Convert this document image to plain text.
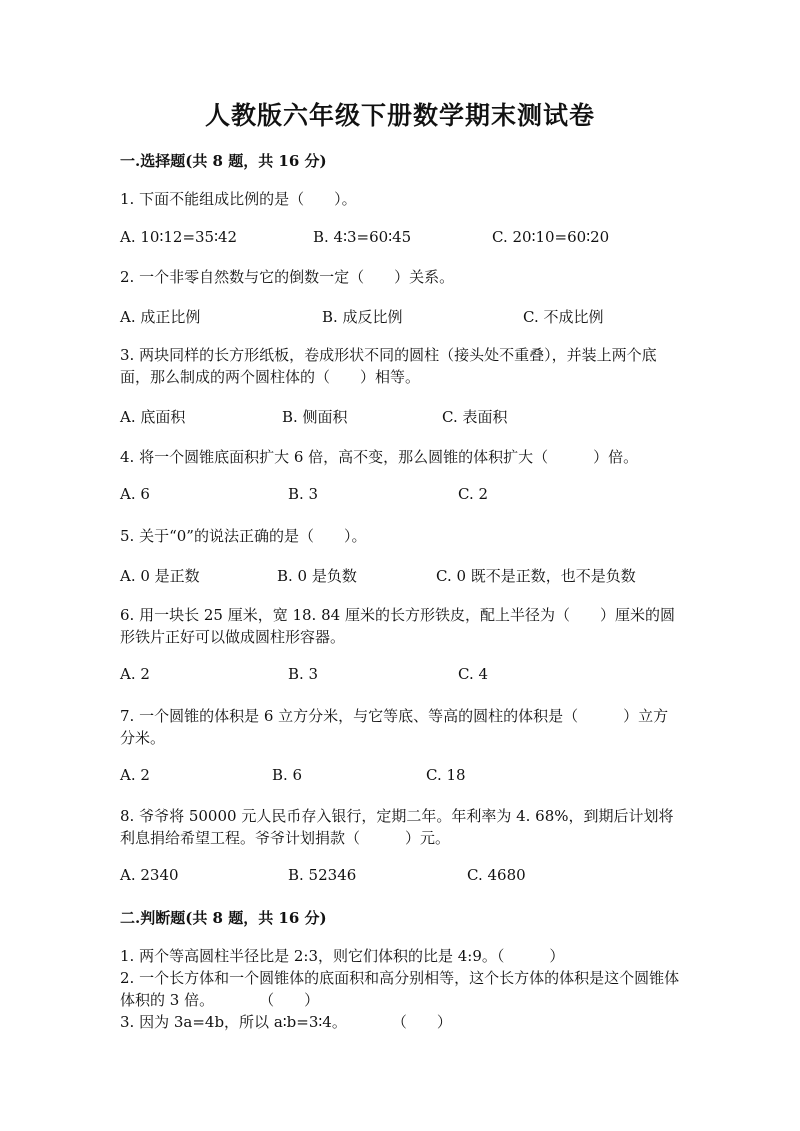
人教版六年级下册数学期末测试卷
一.选择题(共 8 题，共 16 分)
1. 下面不能组成比例的是（　　）。
A. 10∶12=35∶42	B. 4∶3=60∶45	C. 20∶10=60∶20
2. 一个非零自然数与它的倒数一定（　　）关系。
A. 成正比例	B. 成反比例	C. 不成比例
3. 两块同样的长方形纸板，卷成形状不同的圆柱（接头处不重叠），并装上两个底面，那么制成的两个圆柱体的（　　）相等。
A. 底面积	B. 侧面积	C. 表面积
4. 将一个圆锥底面积扩大 6 倍，高不变，那么圆锥的体积扩大（　　　）倍。
A. 6	B. 3	C. 2
5. 关于“0”的说法正确的是（　　）。
A. 0 是正数	B. 0 是负数	C. 0 既不是正数，也不是负数
6. 用一块长 25 厘米，宽 18. 84 厘米的长方形铁皮，配上半径为（　　）厘米的圆形铁片正好可以做成圆柱形容器。
A. 2	B. 3	C. 4
7. 一个圆锥的体积是 6 立方分米，与它等底、等高的圆柱的体积是（　　　）立方分米。
A. 2	B. 6	C. 18
8. 爷爷将 50000 元人民币存入银行，定期二年。年利率为 4. 68%，到期后计划将利息捐给希望工程。爷爷计划捐款（　　　）元。
A. 2340	B. 52346	C. 4680
二.判断题(共 8 题，共 16 分)
1. 两个等高圆柱半径比是 2:3，则它们体积的比是 4:9。（　　　）
2. 一个长方体和一个圆锥体的底面积和高分别相等，这个长方体的体积是这个圆锥体体积的 3 倍。　　　　（　　）
3. 因为 3a=4b，所以 a∶b=3∶4。　　　　（　　）
